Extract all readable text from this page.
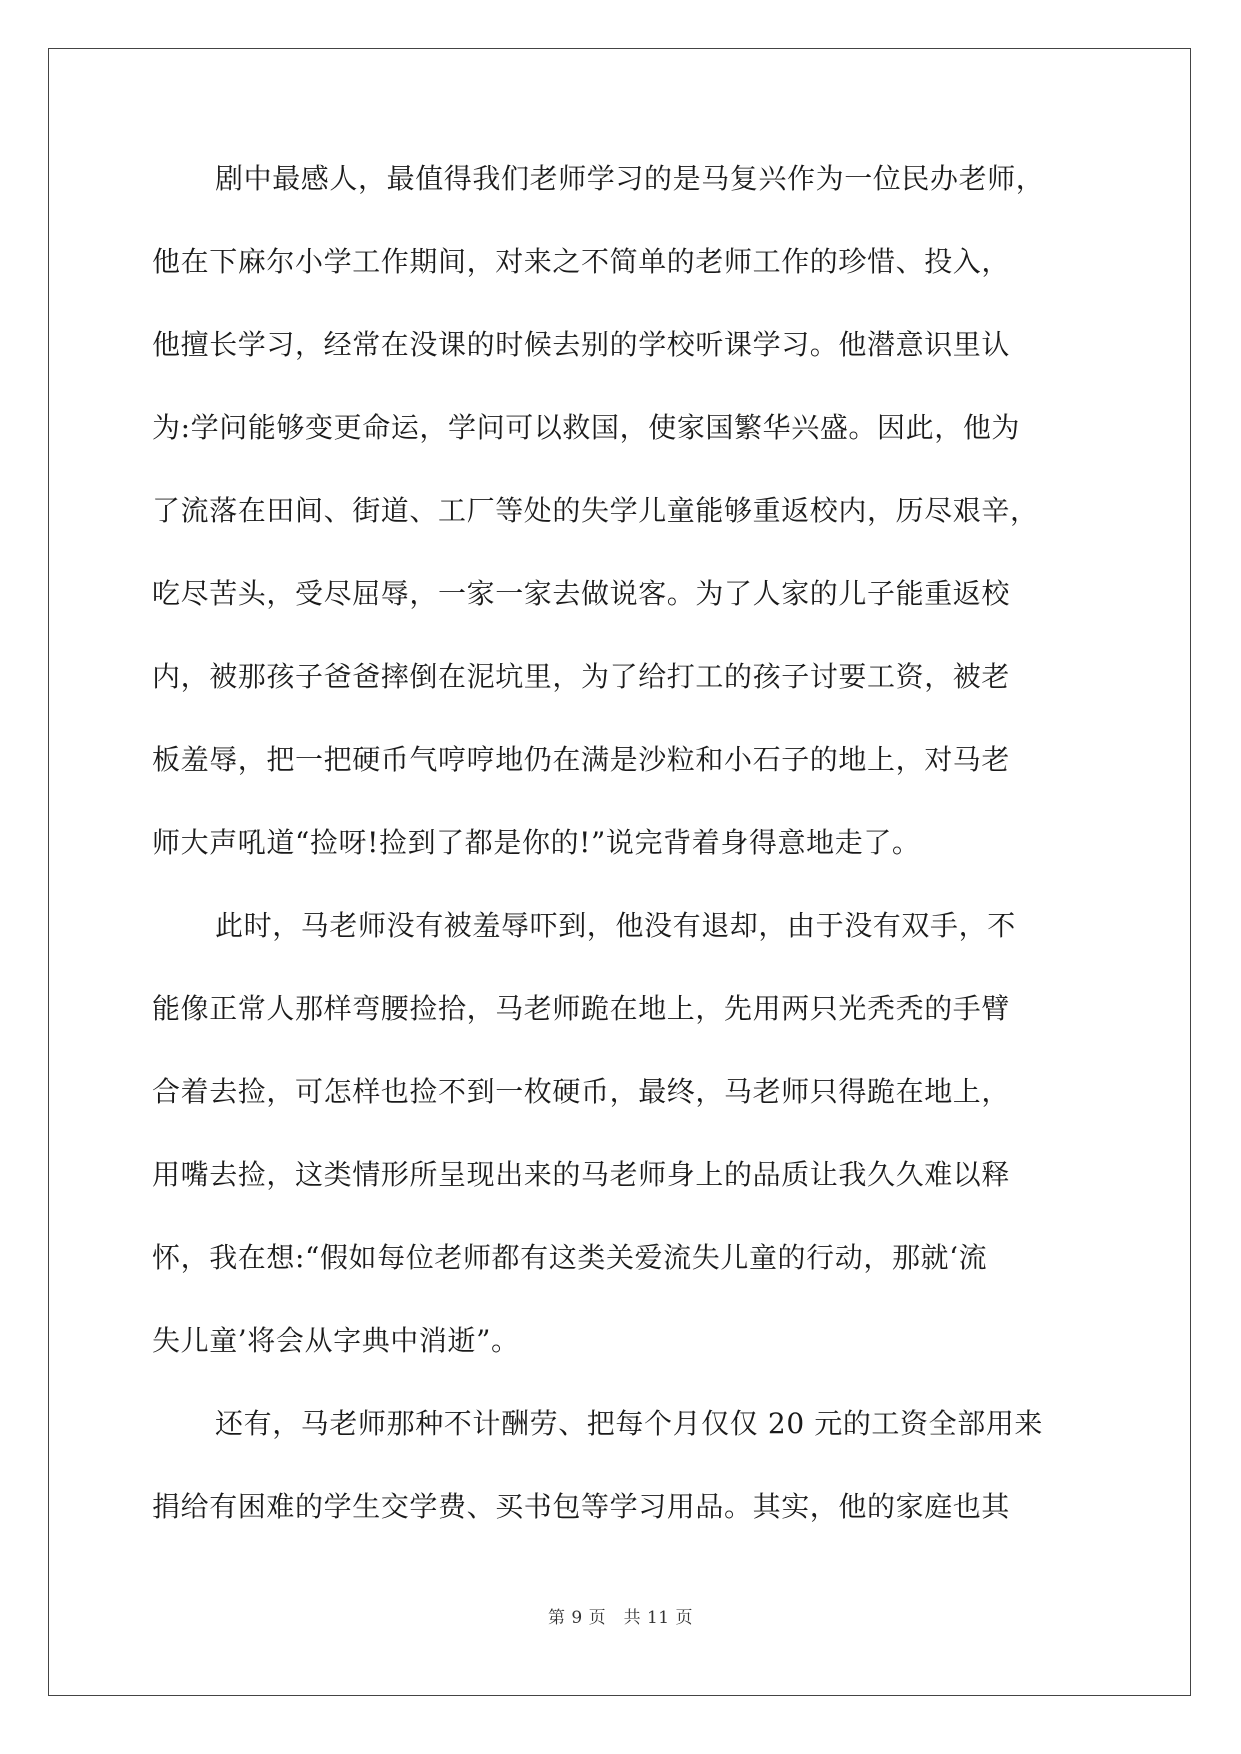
剧中最感人，最值得我们老师学习的是马复兴作为一位民办老师，
他在下麻尔小学工作期间，对来之不简单的老师工作的珍惜、投入，
他擅长学习，经常在没课的时候去别的学校听课学习。他潜意识里认
为:学问能够变更命运，学问可以救国，使家国繁华兴盛。因此，他为
了流落在田间、街道、工厂等处的失学儿童能够重返校内，历尽艰辛，
吃尽苦头，受尽屈辱，一家一家去做说客。为了人家的儿子能重返校
内，被那孩子爸爸摔倒在泥坑里，为了给打工的孩子讨要工资，被老
板羞辱，把一把硬币气哼哼地仍在满是沙粒和小石子的地上，对马老
师大声吼道“捡呀!捡到了都是你的!”说完背着身得意地走了。
此时，马老师没有被羞辱吓到，他没有退却，由于没有双手，不
能像正常人那样弯腰捡拾，马老师跪在地上，先用两只光秃秃的手臂
合着去捡，可怎样也捡不到一枚硬币，最终，马老师只得跪在地上，
用嘴去捡，这类情形所呈现出来的马老师身上的品质让我久久难以释
怀，我在想:“假如每位老师都有这类关爱流失儿童的行动，那就‘流
失儿童’将会从字典中消逝”。
还有，马老师那种不计酬劳、把每个月仅仅 20 元的工资全部用来
捐给有困难的学生交学费、买书包等学习用品。其实，他的家庭也其
第 9 页　共 11 页
